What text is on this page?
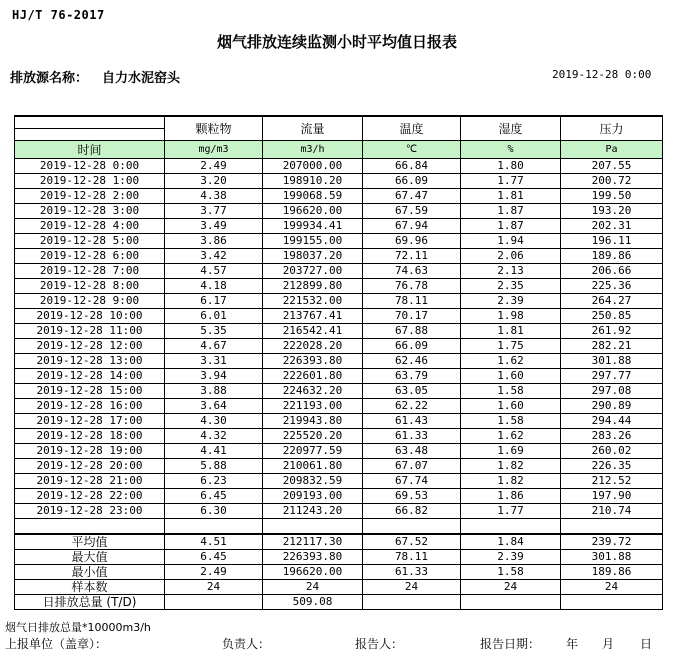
HJ/T 76-2017
烟气排放连续监测小时平均值日报表
排放源名称： 自力水泥窑头	2019-12-28 0:00
	颗粒物	流量	温度	湿度	压力

时间	mg/m3	m3/h	℃	%	Pa
2019-12-28 0:00	2.49	207000.00	66.84	1.80	207.55
2019-12-28 1:00	3.20	198910.20	66.09	1.77	200.72
2019-12-28 2:00	4.38	199068.59	67.47	1.81	199.50
2019-12-28 3:00	3.77	196620.00	67.59	1.87	193.20
2019-12-28 4:00	3.49	199934.41	67.94	1.87	202.31
2019-12-28 5:00	3.86	199155.00	69.96	1.94	196.11
2019-12-28 6:00	3.42	198037.20	72.11	2.06	189.86
2019-12-28 7:00	4.57	203727.00	74.63	2.13	206.66
2019-12-28 8:00	4.18	212899.80	76.78	2.35	225.36
2019-12-28 9:00	6.17	221532.00	78.11	2.39	264.27
2019-12-28 10:00	6.01	213767.41	70.17	1.98	250.85
2019-12-28 11:00	5.35	216542.41	67.88	1.81	261.92
2019-12-28 12:00	4.67	222028.20	66.09	1.75	282.21
2019-12-28 13:00	3.31	226393.80	62.46	1.62	301.88
2019-12-28 14:00	3.94	222601.80	63.79	1.60	297.77
2019-12-28 15:00	3.88	224632.20	63.05	1.58	297.08
2019-12-28 16:00	3.64	221193.00	62.22	1.60	290.89
2019-12-28 17:00	4.30	219943.80	61.43	1.58	294.44
2019-12-28 18:00	4.32	225520.20	61.33	1.62	283.26
2019-12-28 19:00	4.41	220977.59	63.48	1.69	260.02
2019-12-28 20:00	5.88	210061.80	67.07	1.82	226.35
2019-12-28 21:00	6.23	209832.59	67.74	1.82	212.52
2019-12-28 22:00	6.45	209193.00	69.53	1.86	197.90
2019-12-28 23:00	6.30	211243.20	66.82	1.77	210.74

平均值	4.51	212117.30	67.52	1.84	239.72
最大值	6.45	226393.80	78.11	2.39	301.88
最小值	2.49	196620.00	61.33	1.58	189.86
样本数	24	24	24	24	24
日排放总量 (T/D)		509.08			
烟气日排放总量*10000m3/h
上报单位（盖章）：	负责人：	报告人：	报告日期： 年 月 日
